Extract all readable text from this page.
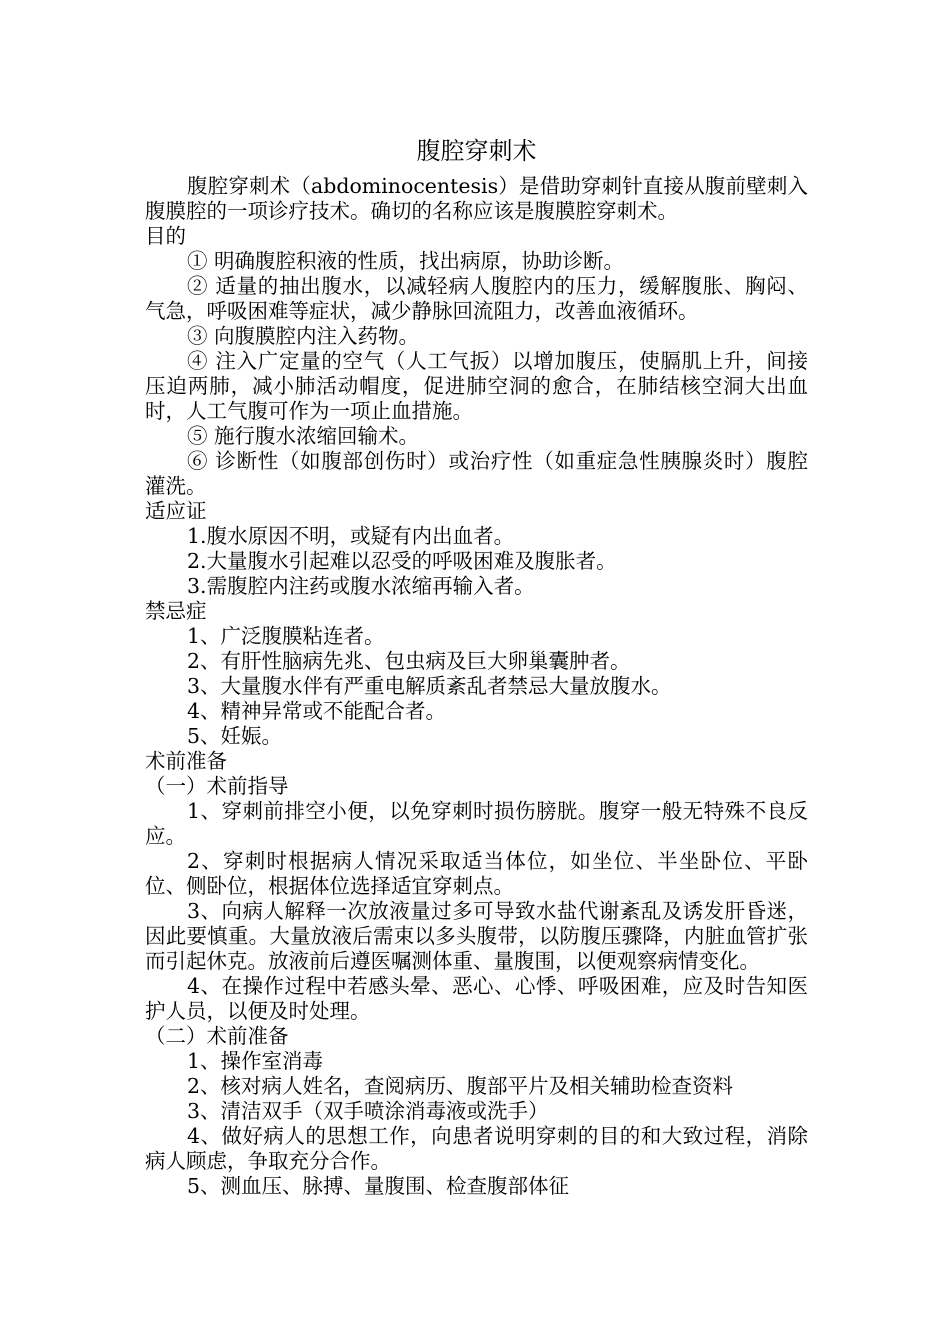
腹腔穿刺术

腹腔穿刺术（abdominocentesis）是借助穿刺针直接从腹前壁刺入腹膜腔的一项诊疗技术。确切的名称应该是腹膜腔穿刺术。

目的

① 明确腹腔积液的性质，找出病原，协助诊断。

② 适量的抽出腹水，以减轻病人腹腔内的压力，缓解腹胀、胸闷、气急，呼吸困难等症状，减少静脉回流阻力，改善血液循环。

③ 向腹膜腔内注入药物。

④ 注入广定量的空气（人工气扳）以增加腹压，使膈肌上升，间接压迫两肺，减小肺活动帽度，促进肺空洞的愈合，在肺结核空洞大出血时，人工气腹可作为一项止血措施。

⑤ 施行腹水浓缩回输术。

⑥ 诊断性（如腹部创伤时）或治疗性（如重症急性胰腺炎时）腹腔灌洗。

适应证

1.腹水原因不明，或疑有内出血者。

2.大量腹水引起难以忍受的呼吸困难及腹胀者。

3.需腹腔内注药或腹水浓缩再输入者。

禁忌症

1、广泛腹膜粘连者。

2、有肝性脑病先兆、包虫病及巨大卵巢囊肿者。

3、大量腹水伴有严重电解质紊乱者禁忌大量放腹水。

4、精神异常或不能配合者。

5、妊娠。

术前准备

（一）术前指导

1、穿刺前排空小便，以免穿刺时损伤膀胱。腹穿一般无特殊不良反应。

2、穿刺时根据病人情况采取适当体位，如坐位、半坐卧位、平卧位、侧卧位，根据体位选择适宜穿刺点。

3、向病人解释一次放液量过多可导致水盐代谢紊乱及诱发肝昏迷，因此要慎重。大量放液后需束以多头腹带，以防腹压骤降，内脏血管扩张而引起休克。放液前后遵医嘱测体重、量腹围，以便观察病情变化。

4、在操作过程中若感头晕、恶心、心悸、呼吸困难，应及时告知医护人员，以便及时处理。

（二）术前准备

1、操作室消毒

2、核对病人姓名，查阅病历、腹部平片及相关辅助检查资料

3、清洁双手（双手喷涂消毒液或洗手）

4、做好病人的思想工作，向患者说明穿刺的目的和大致过程，消除病人顾虑，争取充分合作。

5、测血压、脉搏、量腹围、检查腹部体征
